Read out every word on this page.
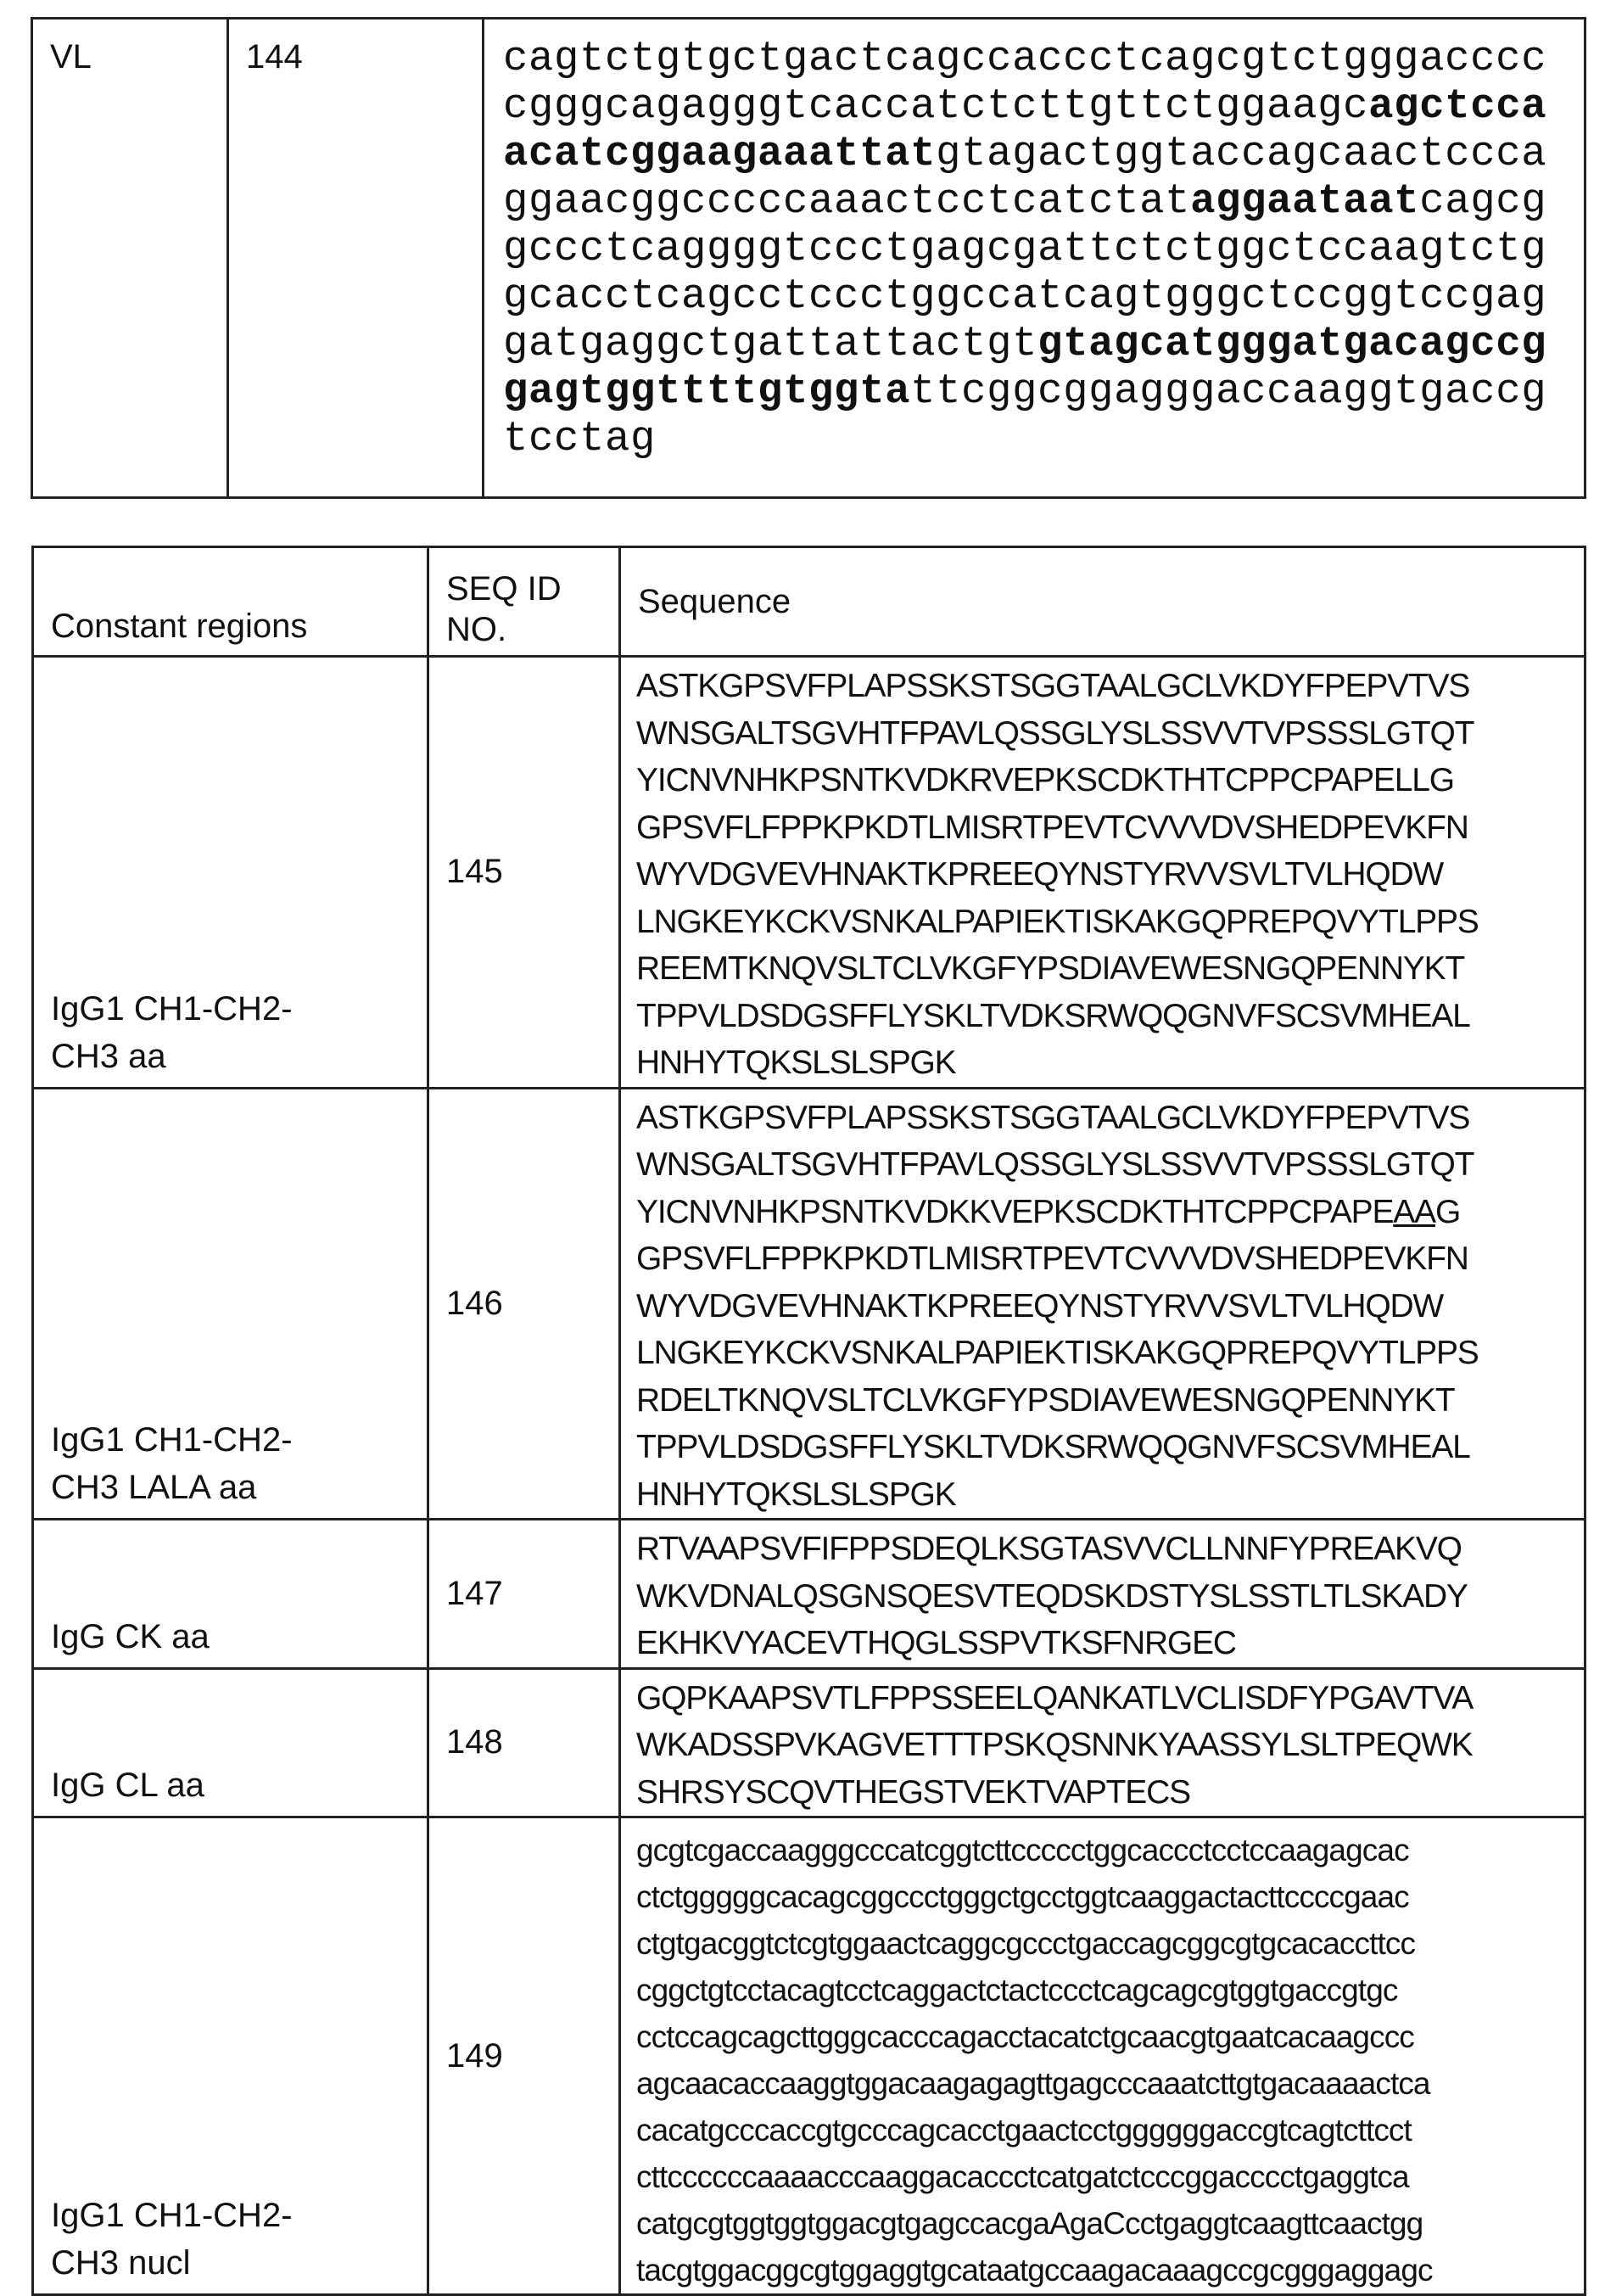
VL	144	cagtctgtgctgactcagccaccctcagcgtctgggacccc
cgggcagagggtcaccatctcttgttctggaagcagctcca
acatcggaagaaattatgtagactggtaccagcaactccca
ggaacggcccccaaactcctcatctataggaataatcagcg
gccctcaggggtccctgagcgattctctggctccaagtctg
gcacctcagcctccctggccatcagtgggctccggtccgag
gatgaggctgattattactgtgtagcatgggatgacagccg
gagtggttttgtggtattcggcggagggaccaaggtgaccg
tcctag
Constant regions	
SEQ ID
NO.
	Sequence

IgG1 CH1-CH2-
CH3 aa
	145	
ASTKGPSVFPLAPSSKSTSGGTAALGCLVKDYFPEPVTVS
WNSGALTSGVHTFPAVLQSSGLYSLSSVVTVPSSSLGTQT
YICNVNHKPSNTKVDKRVEPKSCDKTHTCPPCPAPELLG
GPSVFLFPPKPKDTLMISRTPEVTCVVVDVSHEDPEVKFN
WYVDGVEVHNAKTKPREEQYNSTYRVVSVLTVLHQDW
LNGKEYKCKVSNKALPAPIEKTISKAKGQPREPQVYTLPPS
REEMTKNQVSLTCLVKGFYPSDIAVEWESNGQPENNYKT
TPPVLDSDGSFFLYSKLTVDKSRWQQGNVFSCSVMHEAL
HNHYTQKSLSLSPGK

IgG1 CH1-CH2-
CH3 LALA aa
	146	
ASTKGPSVFPLAPSSKSTSGGTAALGCLVKDYFPEPVTVS
WNSGALTSGVHTFPAVLQSSGLYSLSSVVTVPSSSLGTQT
YICNVNHKPSNTKVDKKVEPKSCDKTHTCPPCPAPEAAG
GPSVFLFPPKPKDTLMISRTPEVTCVVVDVSHEDPEVKFN
WYVDGVEVHNAKTKPREEQYNSTYRVVSVLTVLHQDW
LNGKEYKCKVSNKALPAPIEKTISKAKGQPREPQVYTLPPS
RDELTKNQVSLTCLVKGFYPSDIAVEWESNGQPENNYKT
TPPVLDSDGSFFLYSKLTVDKSRWQQGNVFSCSVMHEAL
HNHYTQKSLSLSPGK

IgG CK aa
	147	
RTVAAPSVFIFPPSDEQLKSGTASVVCLLNNFYPREAKVQ
WKVDNALQSGNSQESVTEQDSKDSTYSLSSTLTLSKADY
EKHKVYACEVTHQGLSSPVTKSFNRGEC

IgG CL aa
	148	
GQPKAAPSVTLFPPSSEELQANKATLVCLISDFYPGAVTVA
WKADSSPVKAGVETTTPSKQSNNKYAASSYLSLTPEQWK
SHRSYSCQVTHEGSTVEKTVAPTECS

IgG1 CH1-CH2-
CH3 nucl
	149	
gcgtcgaccaagggcccatcggtcttccccctggcaccctcctccaagagcac
ctctgggggcacagcggccctgggctgcctggtcaaggactacttccccgaac
ctgtgacggtctcgtggaactcaggcgccctgaccagcggcgtgcacaccttcc
cggctgtcctacagtcctcaggactctactccctcagcagcgtggtgaccgtgc
cctccagcagcttgggcacccagacctacatctgcaacgtgaatcacaagccc
agcaacaccaaggtggacaagagagttgagcccaaatcttgtgacaaaactca
cacatgcccaccgtgcccagcacctgaactcctggggggaccgtcagtcttcct
cttccccccaaaacccaaggacaccctcatgatctcccggacccctgaggtca
catgcgtggtggtggacgtgagccacgaAgaCcctgaggtcaagttcaactgg
tacgtggacggcgtggaggtgcataatgccaagacaaagccgcgggaggagc
